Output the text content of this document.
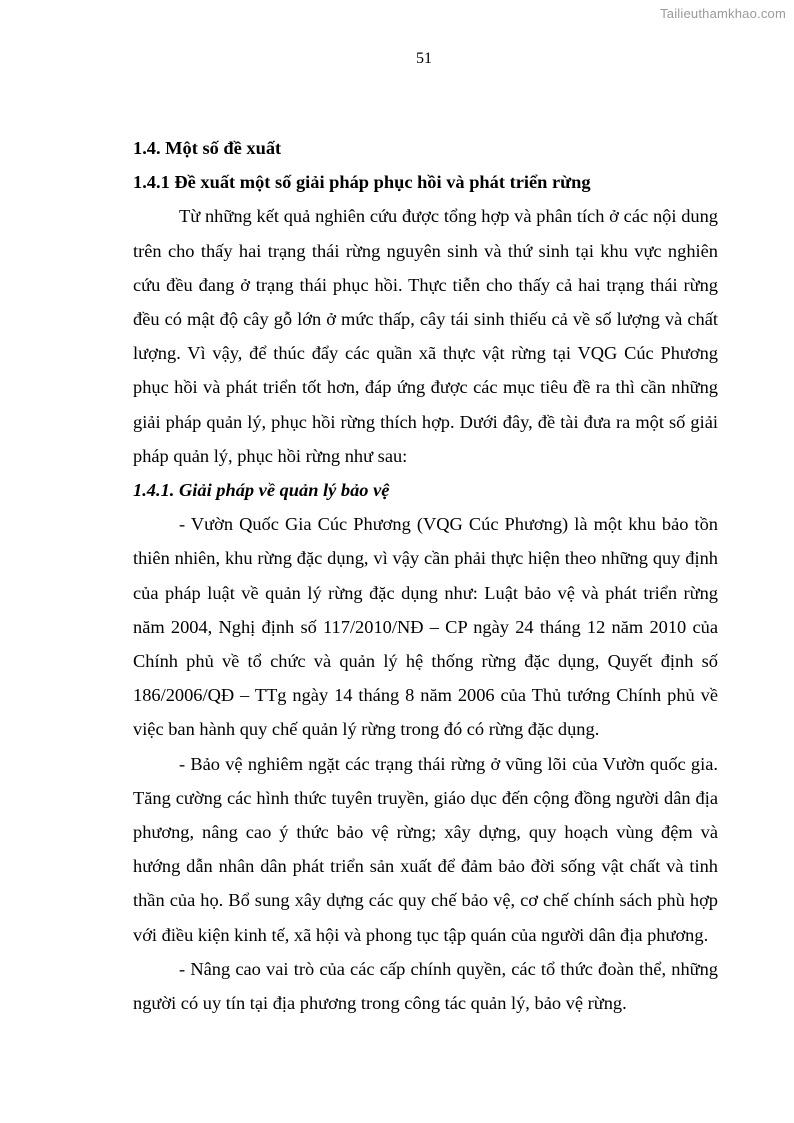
Tailieuthamkhao.com
51

1.4. Một số đề xuất

1.4.1 Đề xuất một số giải pháp phục hồi và phát triển rừng

Từ những kết quả nghiên cứu được tổng hợp và phân tích ở các nội dung trên cho thấy hai trạng thái rừng nguyên sinh và thứ sinh tại khu vực nghiên cứu đều đang ở trạng thái phục hồi. Thực tiễn cho thấy cả hai trạng thái rừng đều có mật độ cây gỗ lớn ở mức thấp, cây tái sinh thiếu cả về số lượng và chất lượng. Vì vậy, để thúc đẩy các quần xã thực vật rừng tại VQG Cúc Phương phục hồi và phát triển tốt hơn, đáp ứng được các mục tiêu đề ra thì cần những giải pháp quản lý, phục hồi rừng thích hợp. Dưới đây, đề tài đưa ra một số giải pháp quản lý, phục hồi rừng như sau:

1.4.1. Giải pháp về quản lý bảo vệ

- Vườn Quốc Gia Cúc Phương (VQG Cúc Phương) là một khu bảo tồn thiên nhiên, khu rừng đặc dụng, vì vậy cần phải thực hiện theo những quy định của pháp luật về quản lý rừng đặc dụng như: Luật bảo vệ và phát triển rừng năm 2004, Nghị định số 117/2010/NĐ – CP ngày 24 tháng 12 năm 2010 của Chính phủ về tổ chức và quản lý hệ thống rừng đặc dụng, Quyết định số 186/2006/QĐ – TTg ngày 14 tháng 8 năm 2006 của Thủ tướng Chính phủ về việc ban hành quy chế quản lý rừng trong đó có rừng đặc dụng.

- Bảo vệ nghiêm ngặt các trạng thái rừng ở vũng lõi của Vườn quốc gia. Tăng cường các hình thức tuyên truyền, giáo dục đến cộng đồng người dân địa phương, nâng cao ý thức bảo vệ rừng; xây dựng, quy hoạch vùng đệm và hướng dẫn nhân dân phát triển sản xuất để đảm bảo đời sống vật chất và tinh thần của họ. Bổ sung xây dựng các quy chế bảo vệ, cơ chế chính sách phù hợp với điều kiện kinh tế, xã hội và phong tục tập quán của người dân địa phương.

- Nâng cao vai trò của các cấp chính quyền, các tổ thức đoàn thể, những người có uy tín tại địa phương trong công tác quản lý, bảo vệ rừng.
